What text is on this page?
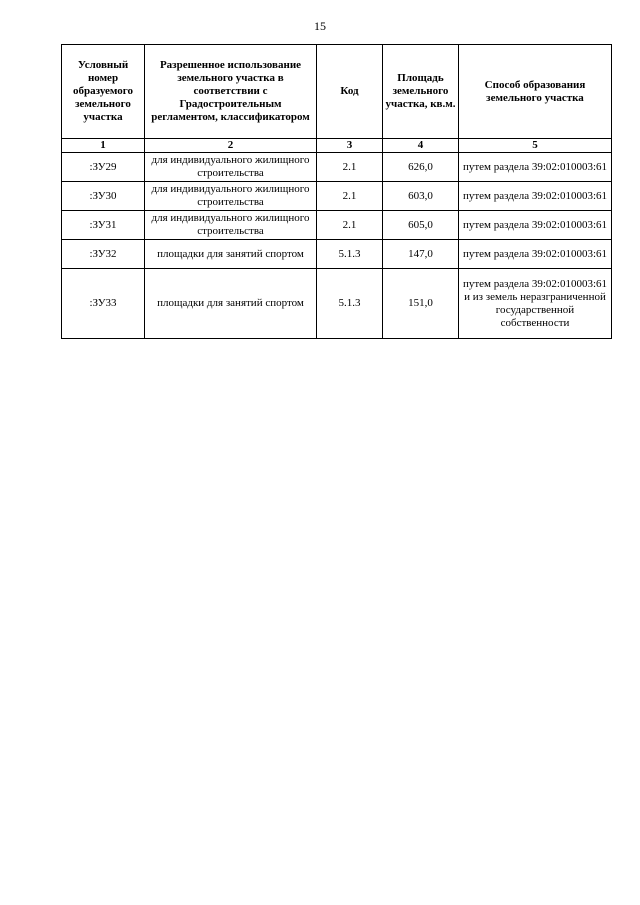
15
Условный номер образуемого земельного участка	Разрешенное использование земельного участка в соответствии с Градостроительным регламентом, классификатором	Код	Площадь земельного участка, кв.м.	Способ образования земельного участка
1	2	3	4	5
:ЗУ29	для индивидуального жилищного строительства	2.1	626,0	путем раздела 39:02:010003:61
:ЗУ30	для индивидуального жилищного строительства	2.1	603,0	путем раздела 39:02:010003:61
:ЗУ31	для индивидуального жилищного строительства	2.1	605,0	путем раздела 39:02:010003:61
:ЗУ32	площадки для занятий спортом	5.1.3	147,0	путем раздела 39:02:010003:61
:ЗУ33	площадки для занятий спортом	5.1.3	151,0	путем раздела 39:02:010003:61 и из земель неразграниченной государственной собственности
